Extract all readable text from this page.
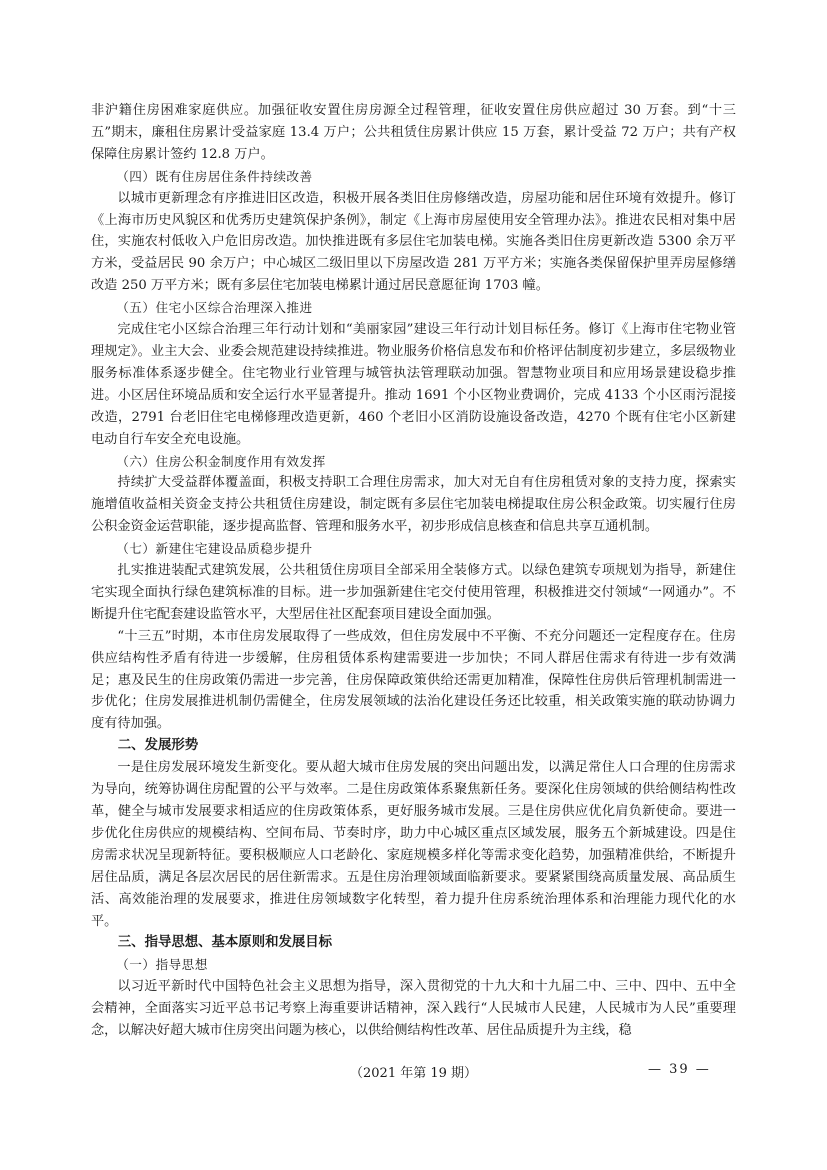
非沪籍住房困难家庭供应。加强征收安置住房房源全过程管理，征收安置住房供应超过 30 万套。到“十三五”期末，廉租住房累计受益家庭 13.4 万户；公共租赁住房累计供应 15 万套，累计受益 72 万户；共有产权保障住房累计签约 12.8 万户。

（四）既有住房居住条件持续改善

以城市更新理念有序推进旧区改造，积极开展各类旧住房修缮改造，房屋功能和居住环境有效提升。修订《上海市历史风貌区和优秀历史建筑保护条例》，制定《上海市房屋使用安全管理办法》。推进农民相对集中居住，实施农村低收入户危旧房改造。加快推进既有多层住宅加装电梯。实施各类旧住房更新改造 5300 余万平方米，受益居民 90 余万户；中心城区二级旧里以下房屋改造 281 万平方米；实施各类保留保护里弄房屋修缮改造 250 万平方米；既有多层住宅加装电梯累计通过居民意愿征询 1703 幢。

（五）住宅小区综合治理深入推进

完成住宅小区综合治理三年行动计划和“美丽家园”建设三年行动计划目标任务。修订《上海市住宅物业管理规定》。业主大会、业委会规范建设持续推进。物业服务价格信息发布和价格评估制度初步建立，多层级物业服务标准体系逐步健全。住宅物业行业管理与城管执法管理联动加强。智慧物业项目和应用场景建设稳步推进。小区居住环境品质和安全运行水平显著提升。推动 1691 个小区物业费调价，完成 4133 个小区雨污混接改造，2791 台老旧住宅电梯修理改造更新，460 个老旧小区消防设施设备改造，4270 个既有住宅小区新建电动自行车安全充电设施。

（六）住房公积金制度作用有效发挥

持续扩大受益群体覆盖面，积极支持职工合理住房需求，加大对无自有住房租赁对象的支持力度，探索实施增值收益相关资金支持公共租赁住房建设，制定既有多层住宅加装电梯提取住房公积金政策。切实履行住房公积金资金运营职能，逐步提高监督、管理和服务水平，初步形成信息核查和信息共享互通机制。

（七）新建住宅建设品质稳步提升

扎实推进装配式建筑发展，公共租赁住房项目全部采用全装修方式。以绿色建筑专项规划为指导，新建住宅实现全面执行绿色建筑标准的目标。进一步加强新建住宅交付使用管理，积极推进交付领域“一网通办”。不断提升住宅配套建设监管水平，大型居住社区配套项目建设全面加强。

“十三五”时期，本市住房发展取得了一些成效，但住房发展中不平衡、不充分问题还一定程度存在。住房供应结构性矛盾有待进一步缓解，住房租赁体系构建需要进一步加快；不同人群居住需求有待进一步有效满足；惠及民生的住房政策仍需进一步完善，住房保障政策供给还需更加精准，保障性住房供后管理机制需进一步优化；住房发展推进机制仍需健全，住房发展领域的法治化建设任务还比较重，相关政策实施的联动协调力度有待加强。

二、发展形势

一是住房发展环境发生新变化。要从超大城市住房发展的突出问题出发，以满足常住人口合理的住房需求为导向，统筹协调住房配置的公平与效率。二是住房政策体系聚焦新任务。要深化住房领域的供给侧结构性改革，健全与城市发展要求相适应的住房政策体系，更好服务城市发展。三是住房供应优化肩负新使命。要进一步优化住房供应的规模结构、空间布局、节奏时序，助力中心城区重点区域发展，服务五个新城建设。四是住房需求状况呈现新特征。要积极顺应人口老龄化、家庭规模多样化等需求变化趋势，加强精准供给，不断提升居住品质，满足各层次居民的居住新需求。五是住房治理领域面临新要求。要紧紧围绕高质量发展、高品质生活、高效能治理的发展要求，推进住房领域数字化转型，着力提升住房系统治理体系和治理能力现代化的水平。

三、指导思想、基本原则和发展目标

（一）指导思想

以习近平新时代中国特色社会主义思想为指导，深入贯彻党的十九大和十九届二中、三中、四中、五中全会精神，全面落实习近平总书记考察上海重要讲话精神，深入践行“人民城市人民建，人民城市为人民”重要理念，以解决好超大城市住房突出问题为核心，以供给侧结构性改革、居住品质提升为主线，稳

（2021 年第 19 期）	— 39 —
